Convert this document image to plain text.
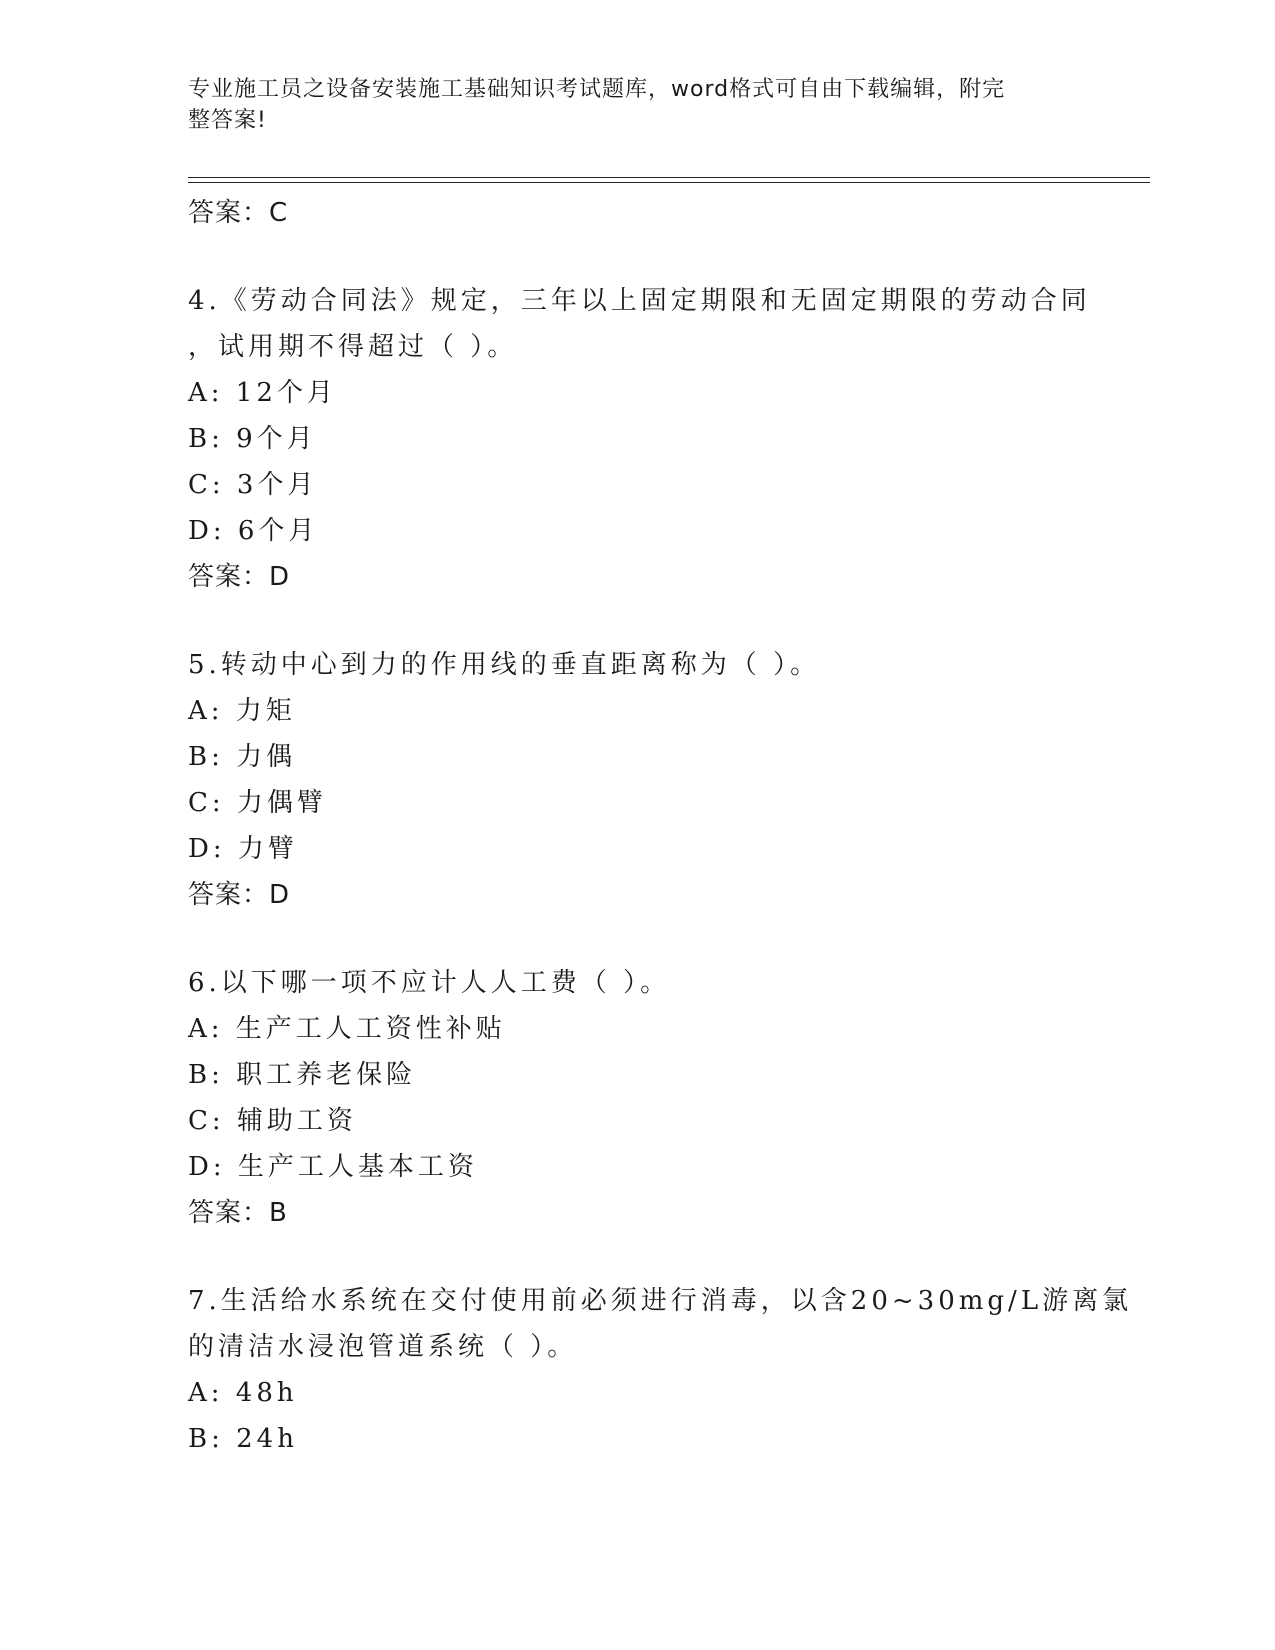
专业施工员之设备安装施工基础知识考试题库，word格式可自由下载编辑，附完
整答案!
答案：C
4.《劳动合同法》规定，三年以上固定期限和无固定期限的劳动合同
，试用期不得超过（ ）。
A: 12个月
B: 9个月
C: 3个月
D: 6个月
答案：D
5.转动中心到力的作用线的垂直距离称为（ ）。
A: 力矩
B: 力偶
C: 力偶臂
D: 力臂
答案：D
6.以下哪一项不应计人人工费（ ）。
A: 生产工人工资性补贴
B: 职工养老保险
C: 辅助工资
D: 生产工人基本工资
答案：B
7.生活给水系统在交付使用前必须进行消毒，以含20~30mg/L游离氯
的清洁水浸泡管道系统（ ）。
A: 48h
B: 24h
